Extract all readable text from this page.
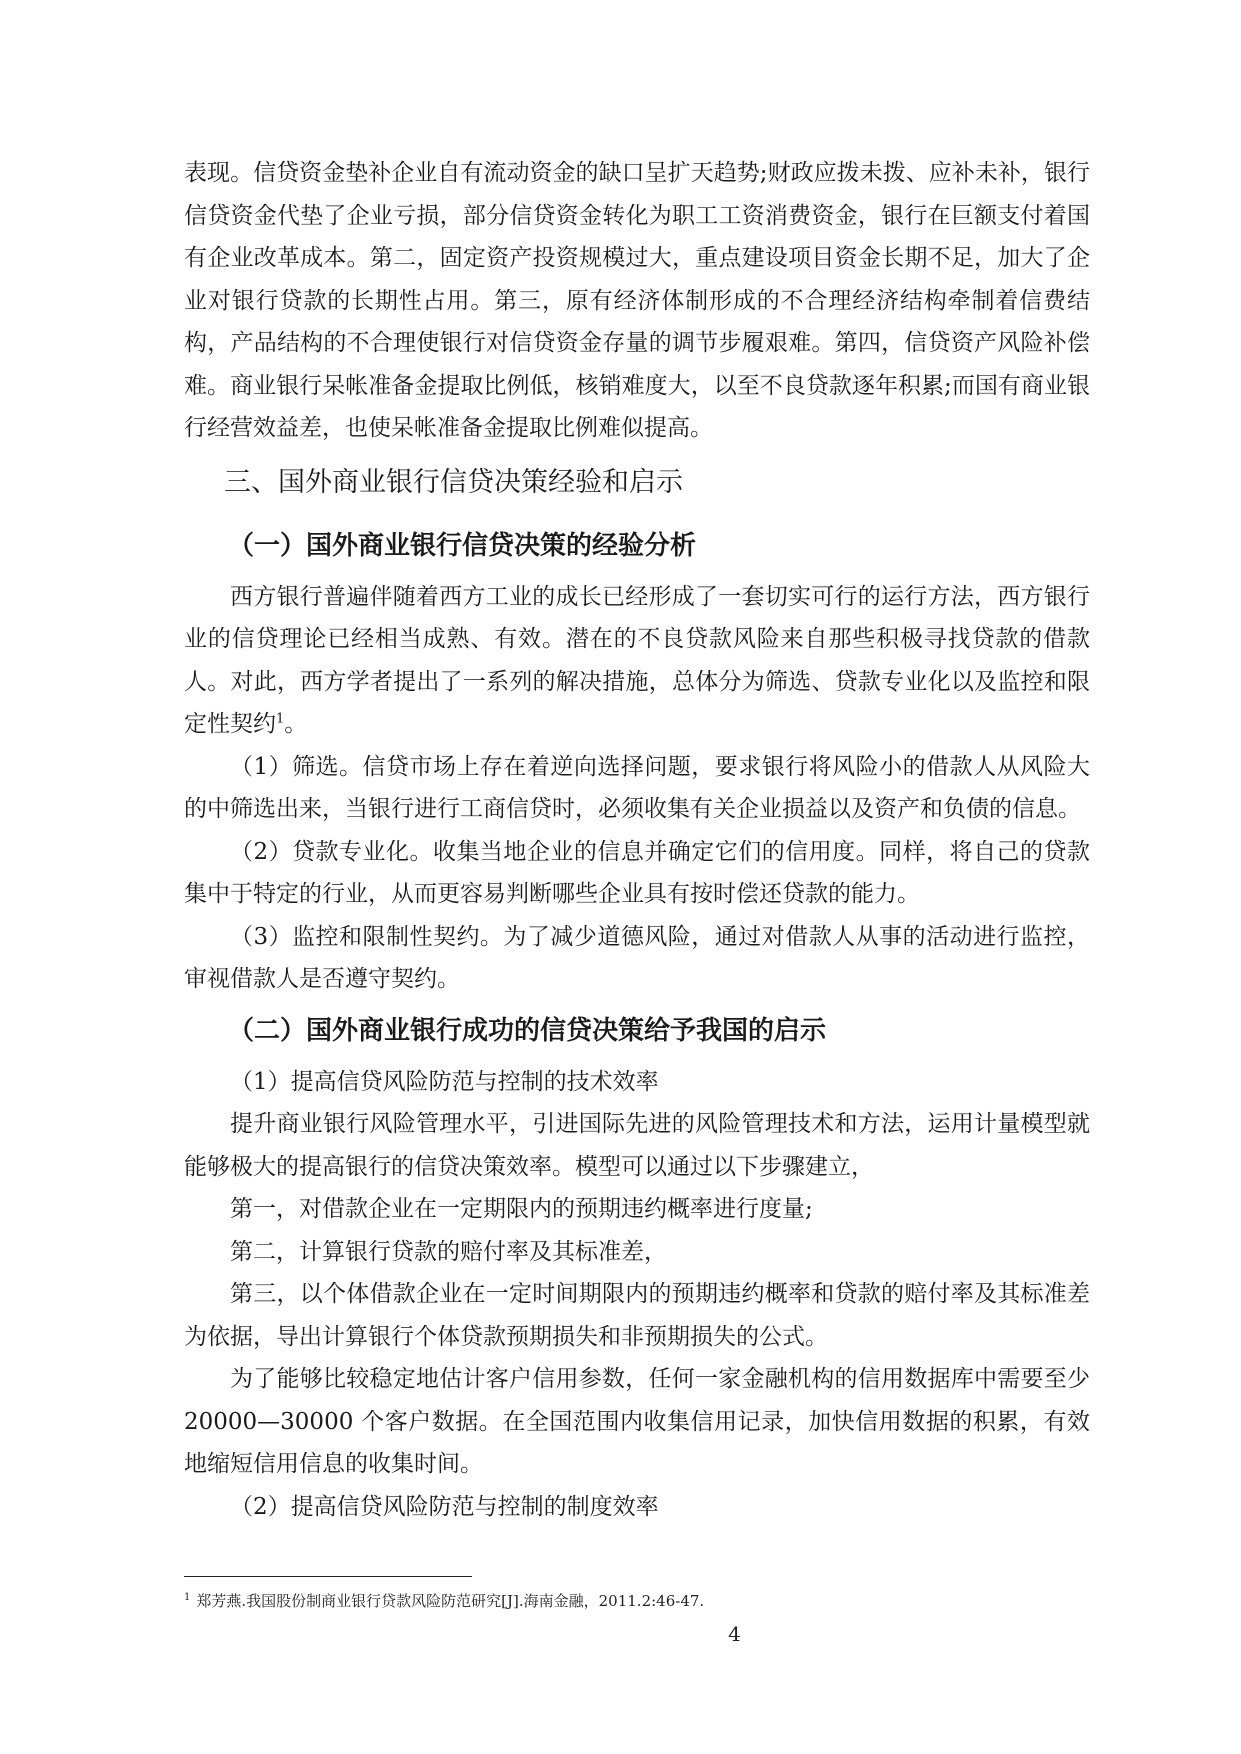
表现。信贷资金垫补企业自有流动资金的缺口呈扩天趋势;财政应拨未拨、应补未补，银行信贷资金代垫了企业亏损，部分信贷资金转化为职工工资消费资金，银行在巨额支付着国有企业改革成本。第二，固定资产投资规模过大，重点建设项目资金长期不足，加大了企业对银行贷款的长期性占用。第三，原有经济体制形成的不合理经济结构牵制着信费结构，产品结构的不合理使银行对信贷资金存量的调节步履艰难。第四，信贷资产风险补偿难。商业银行呆帐准备金提取比例低，核销难度大，以至不良贷款逐年积累;而国有商业银行经营效益差，也使呆帐准备金提取比例难似提高。

三、国外商业银行信贷决策经验和启示
（一）国外商业银行信贷决策的经验分析

西方银行普遍伴随着西方工业的成长已经形成了一套切实可行的运行方法，西方银行业的信贷理论已经相当成熟、有效。潜在的不良贷款风险来自那些积极寻找贷款的借款人。对此，西方学者提出了一系列的解决措施，总体分为筛选、贷款专业化以及监控和限定性契约$^1$。

（1）筛选。信贷市场上存在着逆向选择问题，要求银行将风险小的借款人从风险大的中筛选出来，当银行进行工商信贷时，必须收集有关企业损益以及资产和负债的信息。

（2）贷款专业化。收集当地企业的信息并确定它们的信用度。同样，将自己的贷款集中于特定的行业，从而更容易判断哪些企业具有按时偿还贷款的能力。

（3）监控和限制性契约。为了减少道德风险，通过对借款人从事的活动进行监控，审视借款人是否遵守契约。

（二）国外商业银行成功的信贷决策给予我国的启示

（1）提高信贷风险防范与控制的技术效率

提升商业银行风险管理水平，引进国际先进的风险管理技术和方法，运用计量模型就能够极大的提高银行的信贷决策效率。模型可以通过以下步骤建立，

第一，对借款企业在一定期限内的预期违约概率进行度量;

第二，计算银行贷款的赔付率及其标准差，

第三，以个体借款企业在一定时间期限内的预期违约概率和贷款的赔付率及其标准差为依据，导出计算银行个体贷款预期损失和非预期损失的公式。

为了能够比较稳定地估计客户信用参数，任何一家金融机构的信用数据库中需要至少 20000—30000 个客户数据。在全国范围内收集信用记录，加快信用数据的积累，有效地缩短信用信息的收集时间。

（2）提高信贷风险防范与控制的制度效率

$^1$ 郑芳燕.我国股份制商业银行贷款风险防范研究[J].海南金融，2011.2:46-47.
4
